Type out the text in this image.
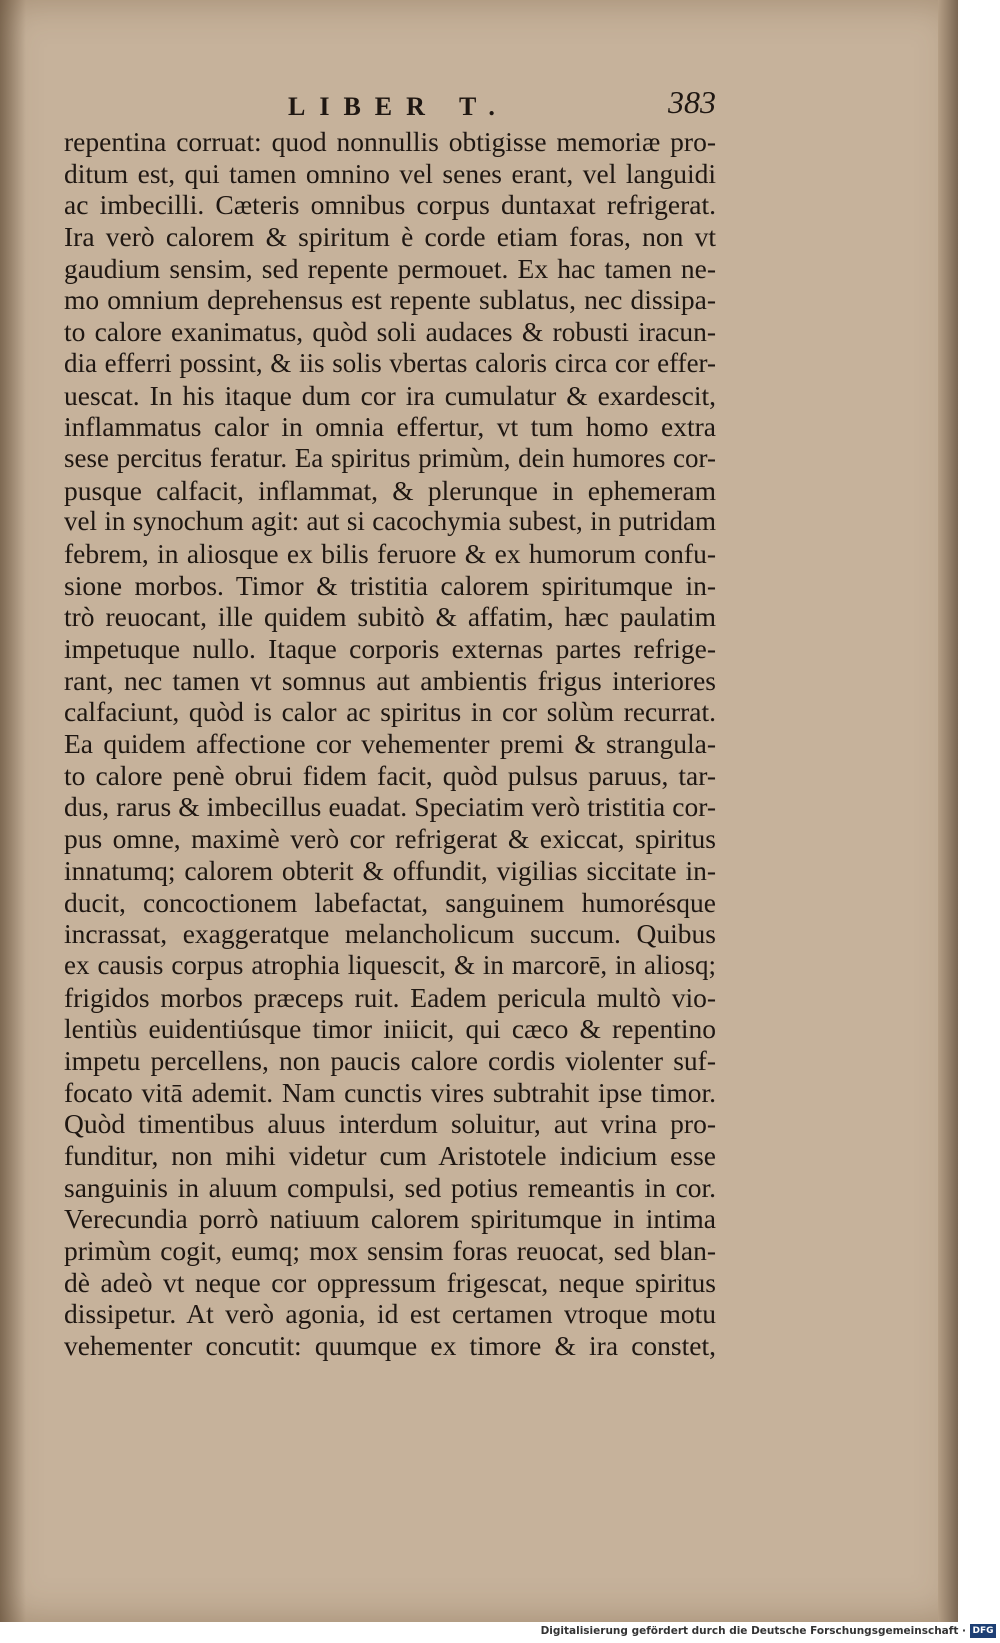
LIBER T.	383
repentina corruat: quod nonnullis obtigisse memoriæ pro-
ditum est, qui tamen omnino vel senes erant, vel languidi
ac imbecilli. Cæteris omnibus corpus duntaxat refrigerat.
Ira verò calorem & spiritum è corde etiam foras, non vt
gaudium sensim, sed repente permouet. Ex hac tamen ne-
mo omnium deprehensus est repente sublatus, nec dissipa-
to calore exanimatus, quòd soli audaces & robusti iracun-
dia efferri possint, & iis solis vbertas caloris circa cor effer-
uescat. In his itaque dum cor ira cumulatur & exardescit,
inflammatus calor in omnia effertur, vt tum homo extra
sese percitus feratur. Ea spiritus primùm, dein humores cor-
pusque calfacit, inflammat, & plerunque in ephemeram
vel in synochum agit: aut si cacochymia subest, in putridam
febrem, in aliosque ex bilis feruore & ex humorum confu-
sione morbos. Timor & tristitia calorem spiritumque in-
trò reuocant, ille quidem subitò & affatim, hæc paulatim
impetuque nullo. Itaque corporis externas partes refrige-
rant, nec tamen vt somnus aut ambientis frigus interiores
calfaciunt, quòd is calor ac spiritus in cor solùm recurrat.
Ea quidem affectione cor vehementer premi & strangula-
to calore penè obrui fidem facit, quòd pulsus paruus, tar-
dus, rarus & imbecillus euadat. Speciatim verò tristitia cor-
pus omne, maximè verò cor refrigerat & exiccat, spiritus
innatumq; calorem obterit & offundit, vigilias siccitate in-
ducit, concoctionem labefactat, sanguinem humorésque
incrassat, exaggeratque melancholicum succum. Quibus
ex causis corpus atrophia liquescit, & in marcorē, in aliosq;
frigidos morbos præceps ruit. Eadem pericula multò vio-
lentiùs euidentiúsque timor iniicit, qui cæco & repentino
impetu percellens, non paucis calore cordis violenter suf-
focato vitā ademit. Nam cunctis vires subtrahit ipse timor.
Quòd timentibus aluus interdum soluitur, aut vrina pro-
funditur, non mihi videtur cum Aristotele indicium esse
sanguinis in aluum compulsi, sed potius remeantis in cor.
Verecundia porrò natiuum calorem spiritumque in intima
primùm cogit, eumq; mox sensim foras reuocat, sed blan-
dè adeò vt neque cor oppressum frigescat, neque spiritus
dissipetur. At verò agonia, id est certamen vtroque motu
vehementer concutit: quumque ex timore & ira constet,
Digitalisierung gefördert durch die Deutsche Forschungsgemeinschaft · DFG
